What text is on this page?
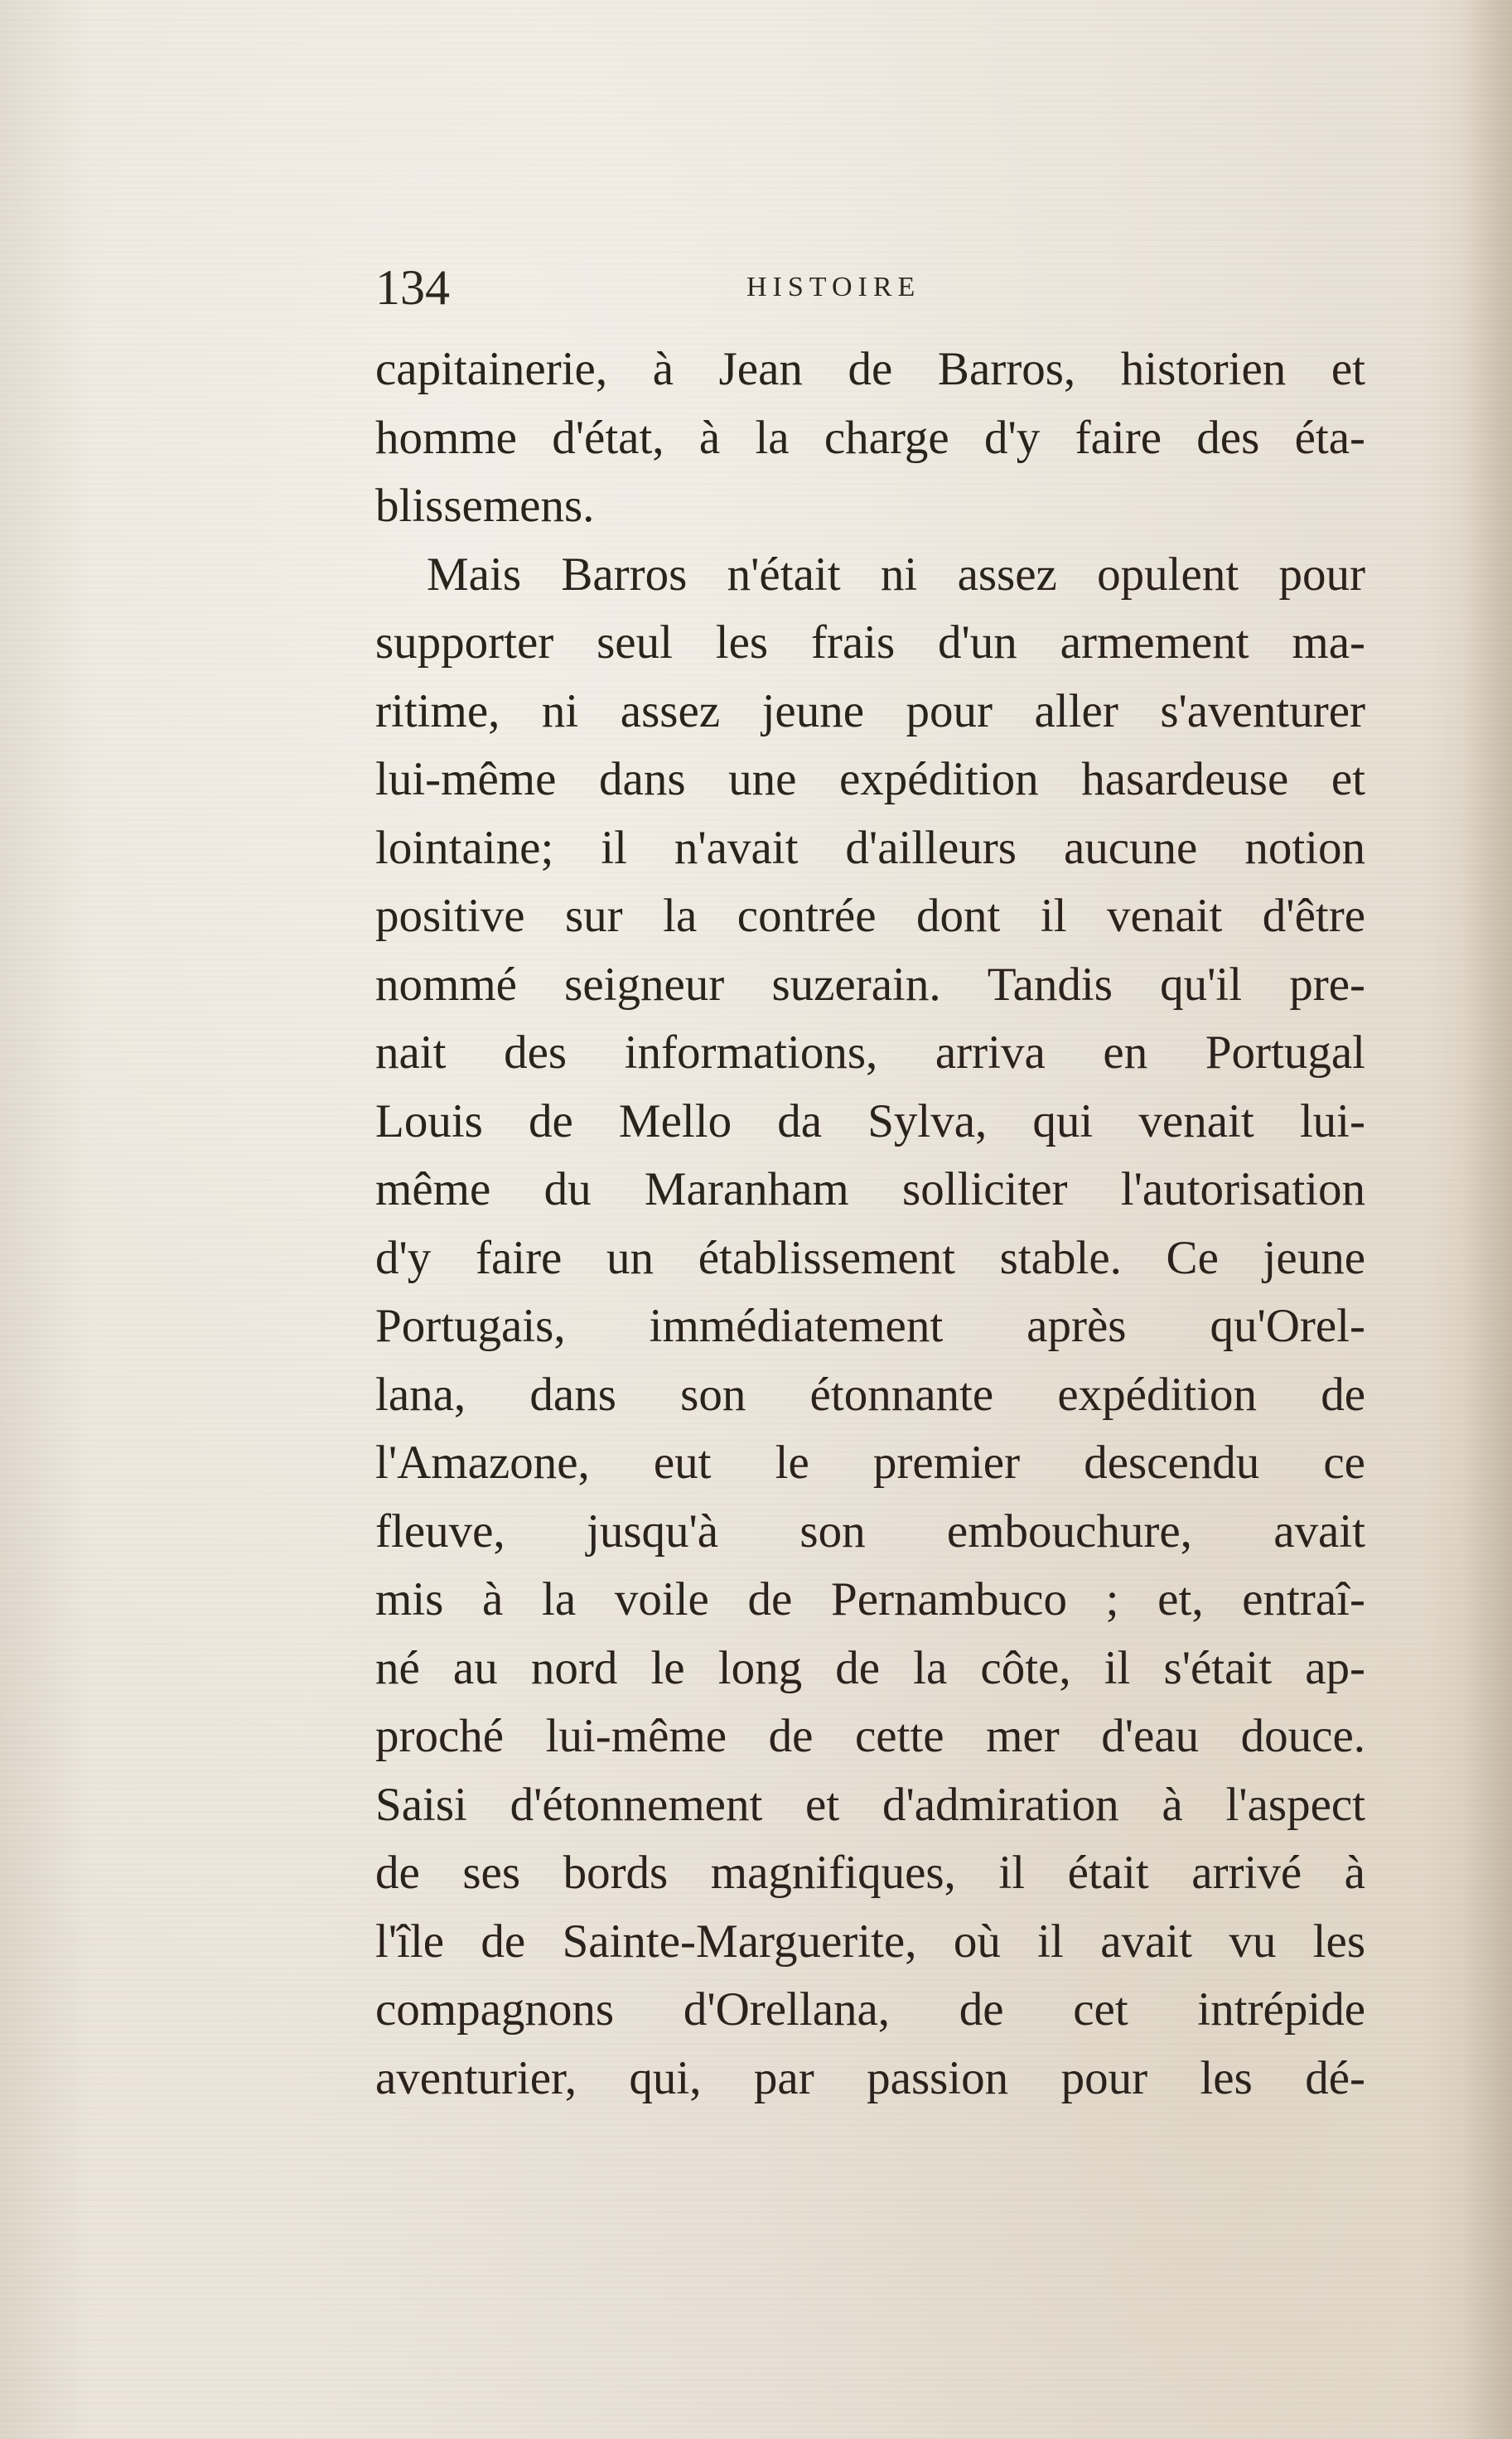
134	HISTOIRE
capitainerie, à Jean de Barros, historien et
homme d'état, à la charge d'y faire des éta-
blissemens.
Mais Barros n'était ni assez opulent pour
supporter seul les frais d'un armement ma-
ritime, ni assez jeune pour aller s'aventurer
lui-même dans une expédition hasardeuse et
lointaine; il n'avait d'ailleurs aucune notion
positive sur la contrée dont il venait d'être
nommé seigneur suzerain. Tandis qu'il pre-
nait des informations, arriva en Portugal
Louis de Mello da Sylva, qui venait lui-
même du Maranham solliciter l'autorisation
d'y faire un établissement stable. Ce jeune
Portugais, immédiatement après qu'Orel-
lana, dans son étonnante expédition de
l'Amazone, eut le premier descendu ce
fleuve, jusqu'à son embouchure, avait
mis à la voile de Pernambuco ; et, entraî-
né au nord le long de la côte, il s'était ap-
proché lui-même de cette mer d'eau douce.
Saisi d'étonnement et d'admiration à l'aspect
de ses bords magnifiques, il était arrivé à
l'île de Sainte-Marguerite, où il avait vu les
compagnons d'Orellana, de cet intrépide
aventurier, qui, par passion pour les dé-
